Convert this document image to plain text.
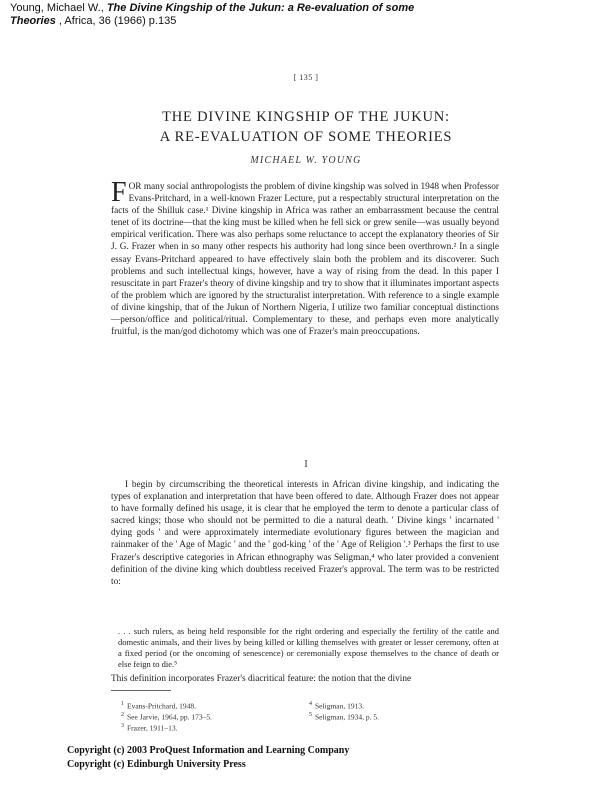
Young, Michael W., The Divine Kingship of the Jukun: a Re-evaluation of some
Theories , Africa, 36 (1966) p.135
[ 135 ]
THE DIVINE KINGSHIP OF THE JUKUN:
A RE-EVALUATION OF SOME THEORIES
MICHAEL W. YOUNG
FOR many social anthropologists the problem of divine kingship was solved in 1948 when Professor Evans-Pritchard, in a well-known Frazer Lecture, put a respectably structural interpretation on the facts of the Shilluk case.¹ Divine kingship in Africa was rather an embarrassment because the central tenet of its doctrine—that the king must be killed when he fell sick or grew senile—was usually beyond empirical verification. There was also perhaps some reluctance to accept the explanatory theories of Sir J. G. Frazer when in so many other respects his authority had long since been overthrown.² In a single essay Evans-Pritchard appeared to have effectively slain both the problem and its discoverer. Such problems and such intellectual kings, however, have a way of rising from the dead. In this paper I resuscitate in part Frazer's theory of divine kingship and try to show that it illuminates important aspects of the problem which are ignored by the structuralist interpretation. With reference to a single example of divine kingship, that of the Jukun of Northern Nigeria, I utilize two familiar conceptual distinctions—person/office and political/ritual. Complementary to these, and perhaps even more analytically fruitful, is the man/god dichotomy which was one of Frazer's main preoccupations.
I
I begin by circumscribing the theoretical interests in African divine kingship, and indicating the types of explanation and interpretation that have been offered to date. Although Frazer does not appear to have formally defined his usage, it is clear that he employed the term to denote a particular class of sacred kings; those who should not be permitted to die a natural death. ' Divine kings ' incarnated ' dying gods ' and were approximately intermediate evolutionary figures between the magician and rainmaker of the ' Age of Magic ' and the ' god-king ' of the ' Age of Religion '.³ Perhaps the first to use Frazer's descriptive categories in African ethnography was Seligman,⁴ who later provided a convenient definition of the divine king which doubtless received Frazer's approval. The term was to be restricted to:
. . . such rulers, as being held responsible for the right ordering and especially the fertility of the cattle and domestic animals, and their lives by being killed or killing themselves with greater or lesser ceremony, often at a fixed period (or the oncoming of senescence) or ceremonially expose themselves to the chance of death or else feign to die.⁵
This definition incorporates Frazer's diacritical feature: the notion that the divine
$^1$ Evans-Pritchard, 1948.	$^4$ Seligman, 1913.
$^2$ See Jarvie, 1964, pp. 173–5.	$^5$ Seligman, 1934, p. 5.
$^3$ Frazer, 1911–13.
Copyright (c) 2003 ProQuest Information and Learning Company
Copyright (c) Edinburgh University Press
